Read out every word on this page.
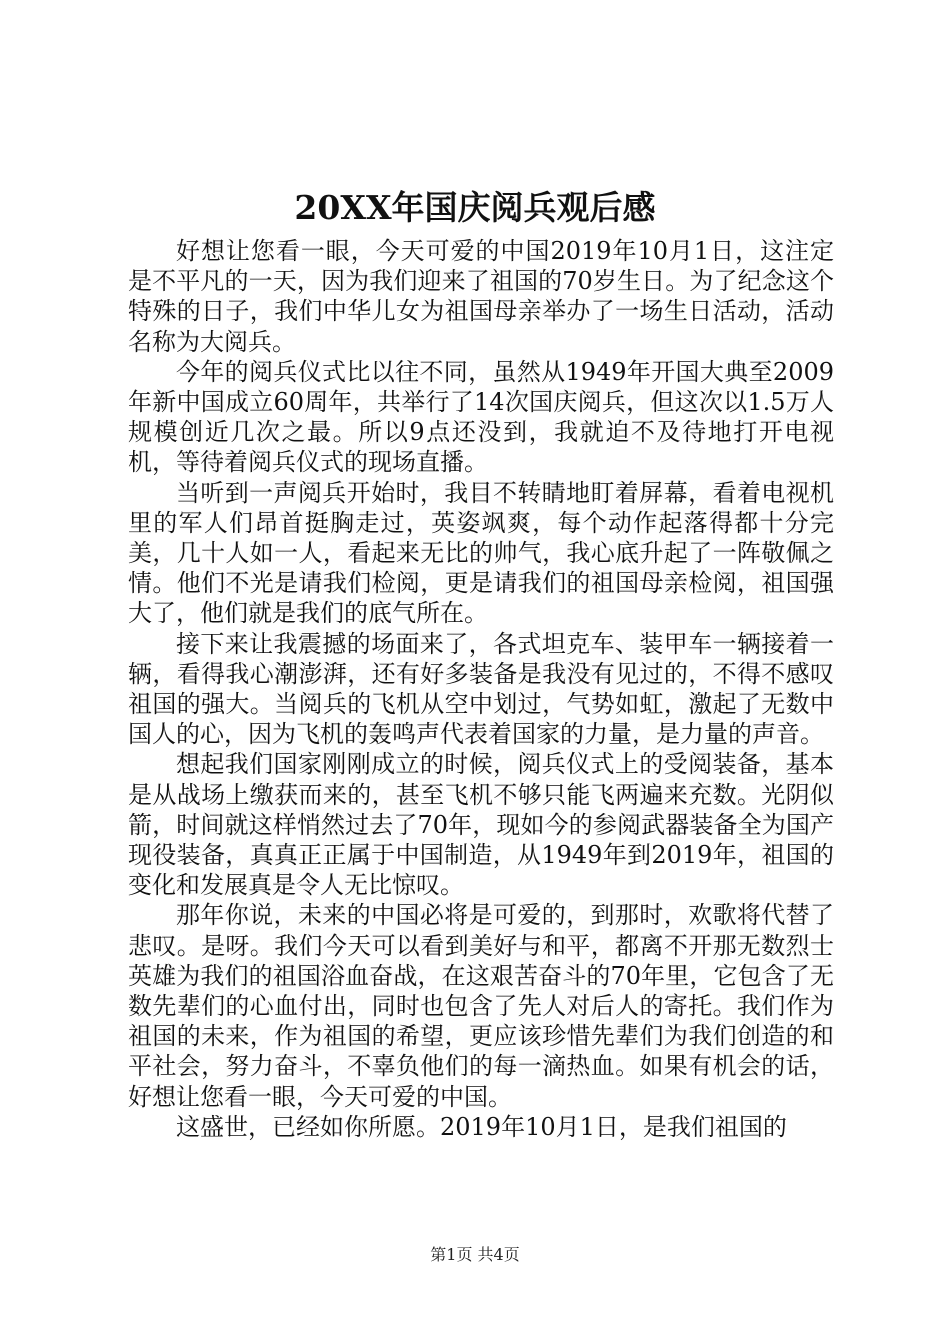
20XX年国庆阅兵观后感

好想让您看一眼，今天可爱的中国2019年10月1日，这注定是不平凡的一天，因为我们迎来了祖国的70岁生日。为了纪念这个特殊的日子，我们中华儿女为祖国母亲举办了一场生日活动，活动名称为大阅兵。

今年的阅兵仪式比以往不同，虽然从1949年开国大典至2009年新中国成立60周年，共举行了14次国庆阅兵，但这次以1.5万人规模创近几次之最。所以9点还没到，我就迫不及待地打开电视机，等待着阅兵仪式的现场直播。

当听到一声阅兵开始时，我目不转睛地盯着屏幕，看着电视机里的军人们昂首挺胸走过，英姿飒爽，每个动作起落得都十分完美，几十人如一人，看起来无比的帅气，我心底升起了一阵敬佩之情。他们不光是请我们检阅，更是请我们的祖国母亲检阅，祖国强大了，他们就是我们的底气所在。

接下来让我震撼的场面来了，各式坦克车、装甲车一辆接着一辆，看得我心潮澎湃，还有好多装备是我没有见过的，不得不感叹祖国的强大。当阅兵的飞机从空中划过，气势如虹，激起了无数中国人的心，因为飞机的轰鸣声代表着国家的力量，是力量的声音。

想起我们国家刚刚成立的时候，阅兵仪式上的受阅装备，基本是从战场上缴获而来的，甚至飞机不够只能飞两遍来充数。光阴似箭，时间就这样悄然过去了70年，现如今的参阅武器装备全为国产现役装备，真真正正属于中国制造，从1949年到2019年，祖国的变化和发展真是令人无比惊叹。

那年你说，未来的中国必将是可爱的，到那时，欢歌将代替了悲叹。是呀。我们今天可以看到美好与和平，都离不开那无数烈士英雄为我们的祖国浴血奋战，在这艰苦奋斗的70年里，它包含了无数先辈们的心血付出，同时也包含了先人对后人的寄托。我们作为祖国的未来，作为祖国的希望，更应该珍惜先辈们为我们创造的和平社会，努力奋斗，不辜负他们的每一滴热血。如果有机会的话，好想让您看一眼，今天可爱的中国。

这盛世，已经如你所愿。2019年10月1日，是我们祖国的

第1页 共4页
